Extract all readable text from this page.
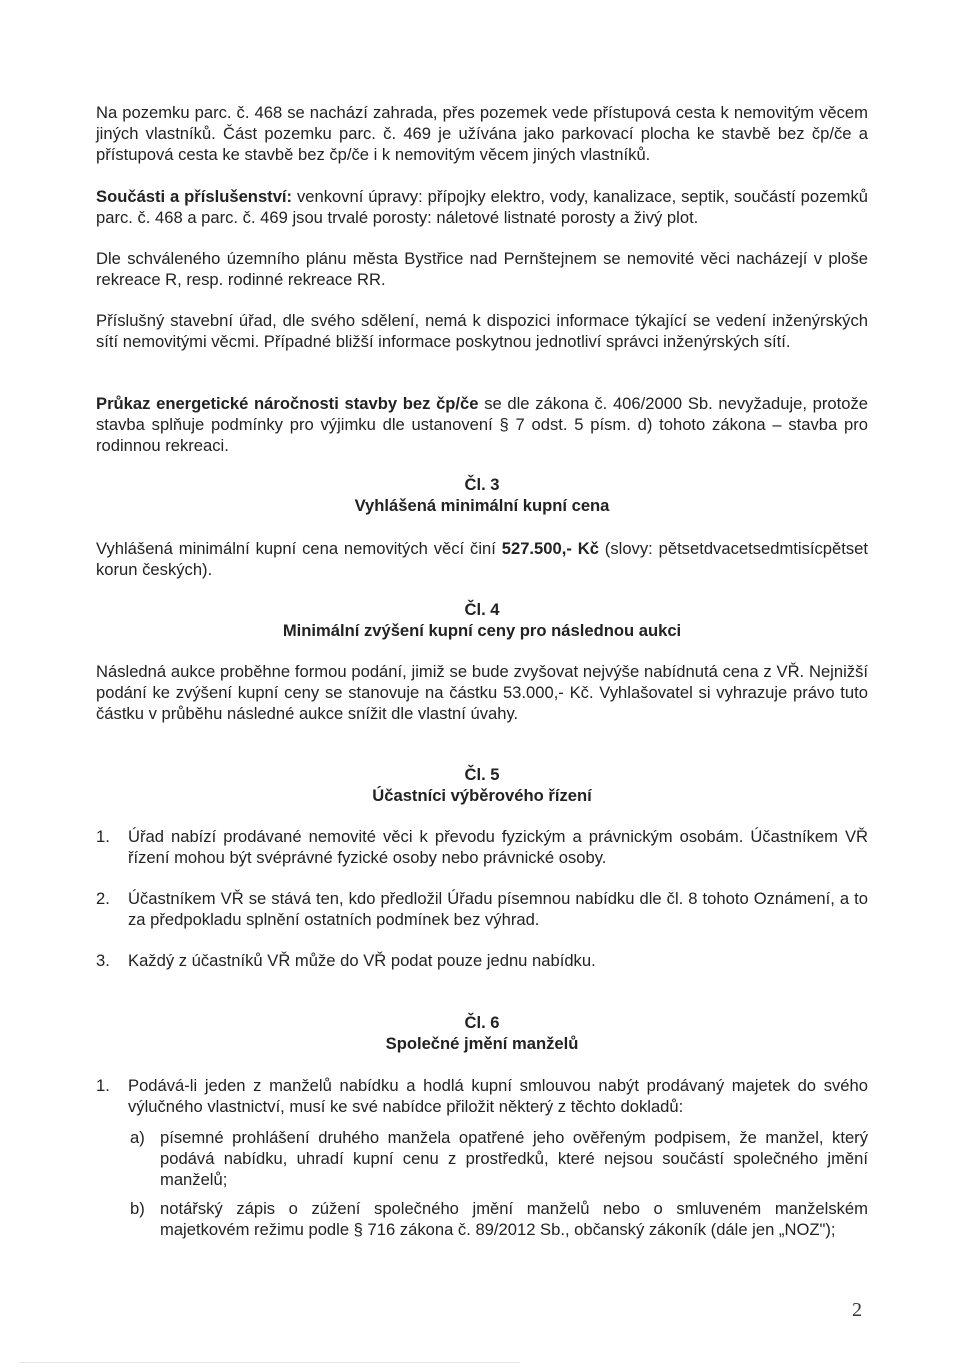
Na pozemku parc. č. 468 se nachází zahrada, přes pozemek vede přístupová cesta k nemovitým věcem jiných vlastníků. Část pozemku parc. č. 469 je užívána jako parkovací plocha ke stavbě bez čp/če a přístupová cesta ke stavbě bez čp/če i k nemovitým věcem jiných vlastníků.

Součásti a příslušenství: venkovní úpravy: přípojky elektro, vody, kanalizace, septik, součástí pozemků parc. č. 468 a parc. č. 469 jsou trvalé porosty: náletové listnaté porosty a živý plot.

Dle schváleného územního plánu města Bystřice nad Pernštejnem se nemovité věci nacházejí v ploše rekreace R, resp. rodinné rekreace RR.

Příslušný stavební úřad, dle svého sdělení, nemá k dispozici informace týkající se vedení inženýrských sítí nemovitými věcmi. Případné bližší informace poskytnou jednotliví správci inženýrských sítí.

Průkaz energetické náročnosti stavby bez čp/če se dle zákona č. 406/2000 Sb. nevyžaduje, protože stavba splňuje podmínky pro výjimku dle ustanovení § 7 odst. 5 písm. d) tohoto zákona – stavba pro rodinnou rekreaci.

Čl. 3

Vyhlášená minimální kupní cena

Vyhlášená minimální kupní cena nemovitých věcí činí 527.500,- Kč (slovy: pětsetdvacetsedmtisícpětset korun českých).

Čl. 4

Minimální zvýšení kupní ceny pro následnou aukci

Následná aukce proběhne formou podání, jimiž se bude zvyšovat nejvýše nabídnutá cena z VŘ. Nejnižší podání ke zvýšení kupní ceny se stanovuje na částku 53.000,- Kč. Vyhlašovatel si vyhrazuje právo tuto částku v průběhu následné aukce snížit dle vlastní úvahy.

Čl. 5

Účastníci výběrového řízení

1.	Úřad nabízí prodávané nemovité věci k převodu fyzickým a právnickým osobám. Účastníkem VŘ řízení mohou být svéprávné fyzické osoby nebo právnické osoby.

2.	Účastníkem VŘ se stává ten, kdo předložil Úřadu písemnou nabídku dle čl. 8 tohoto Oznámení, a to za předpokladu splnění ostatních podmínek bez výhrad.

3.	Každý z účastníků VŘ může do VŘ podat pouze jednu nabídku.

Čl. 6

Společné jmění manželů

1.	Podává-li jeden z manželů nabídku a hodlá kupní smlouvou nabýt prodávaný majetek do svého výlučného vlastnictví, musí ke své nabídce přiložit některý z těchto dokladů:

a) písemné prohlášení druhého manžela opatřené jeho ověřeným podpisem, že manžel, který podává nabídku, uhradí kupní cenu z prostředků, které nejsou součástí společného jmění manželů;

b) notářský zápis o zúžení společného jmění manželů nebo o smluveném manželském majetkovém režimu podle § 716 zákona č. 89/2012 Sb., občanský zákoník (dále jen „NOZ");

2
